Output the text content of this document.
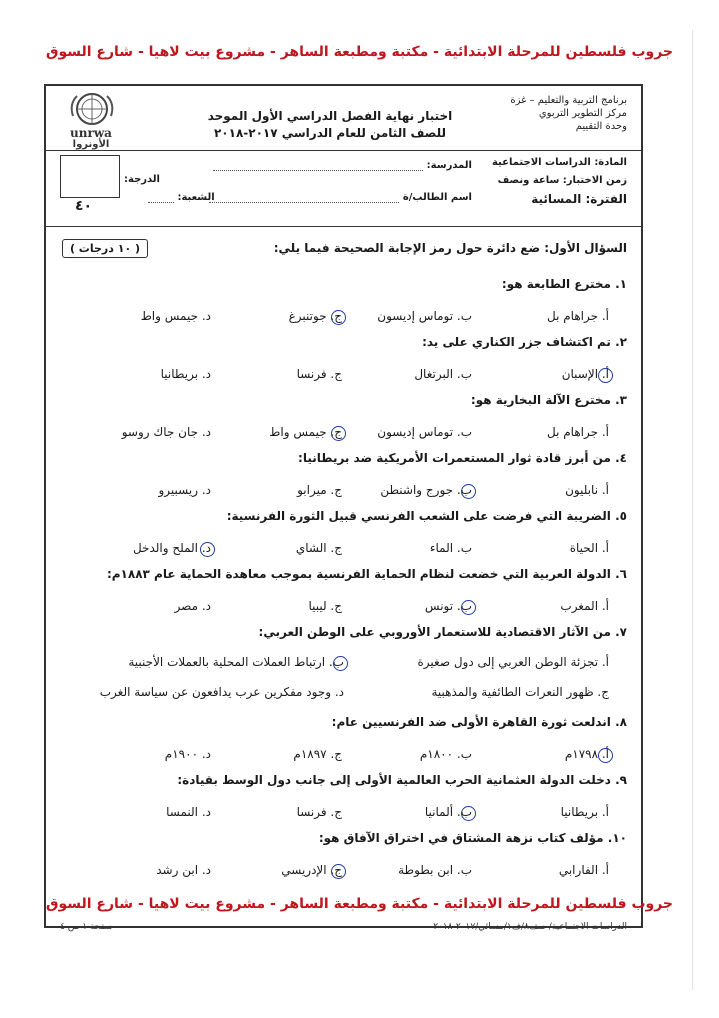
جروب فلسطين للمرحلة الابتدائية - مكتبة ومطبعة الساهر - مشروع بيت لاهيا - شارع السوق
برنامج التربية والتعليم – غزة
مركز التطوير التربوي
وحدة التقييم
اختبار نهاية الفصل الدراسي الأول الموحد
للصف الثامن للعام الدراسي ٢٠١٧-٢٠١٨
unrwa
الأونروا
المادة: الدراسات الاجتماعية
زمن الاختبار: ساعة ونصف
الفترة: المسائية
المدرسة:
اسم الطالب/ة
الشعبة:
الدرجة:
٤٠
( ١٠ درجات )	السؤال الأول: ضع دائرة حول رمز الإجابة الصحيحة فيما يلي:
١. مخترع الطابعة هو:
أ. جراهام بل
ب. توماس إديسون
ج. جوتنبرغ
د. جيمس واط
٢. تم اكتشاف جزر الكناري على يد:
أ. الإسبان
ب. البرتغال
ج. فرنسا
د. بريطانيا
٣. مخترع الآلة البخارية هو:
أ. جراهام بل
ب. توماس إديسون
ج. جيمس واط
د. جان جاك روسو
٤. من أبرز قادة ثوار المستعمرات الأمريكية ضد بريطانيا:
أ. نابليون
ب. جورج واشنطن
ج. ميرابو
د. ريسبيرو
٥. الضريبة التي فرضت على الشعب الفرنسي قبيل الثورة الفرنسية:
أ. الحياة
ب. الماء
ج. الشاي
د. الملح والدخل
٦. الدولة العربية التي خضعت لنظام الحماية الفرنسية بموجب معاهدة الحماية عام ١٨٨٣م:
أ. المغرب
ب. تونس
ج. ليبيا
د. مصر
٧. من الآثار الاقتصادية للاستعمار الأوروبي على الوطن العربي:
أ. تجزئة الوطن العربي إلى دول صغيرة
ب. ارتباط العملات المحلية بالعملات الأجنبية
ج. ظهور النعرات الطائفية والمذهبية
د. وجود مفكرين عرب يدافعون عن سياسة الغرب
٨. اندلعت ثورة القاهرة الأولى ضد الفرنسيين عام:
أ. ١٧٩٨م
ب. ١٨٠٠م
ج. ١٨٩٧م
د. ١٩٠٠م
٩. دخلت الدولة العثمانية الحرب العالمية الأولى إلى جانب دول الوسط بقيادة:
أ. بريطانيا
ب. ألمانيا
ج. فرنسا
د. النمسا
١٠. مؤلف كتاب نزهة المشتاق في اختراق الآفاق هو:
أ. الفارابي
ب. ابن بطوطة
ج. الإدريسي
د. ابن رشد
جروب فلسطين للمرحلة الابتدائية - مكتبة ومطبعة الساهر - مشروع بيت لاهيا - شارع السوق
صفحة ١ من ٤	الدراسات الاجتماعية/ صف٨/ف١/مسائي/٢٠١٧-٢٠١٨
